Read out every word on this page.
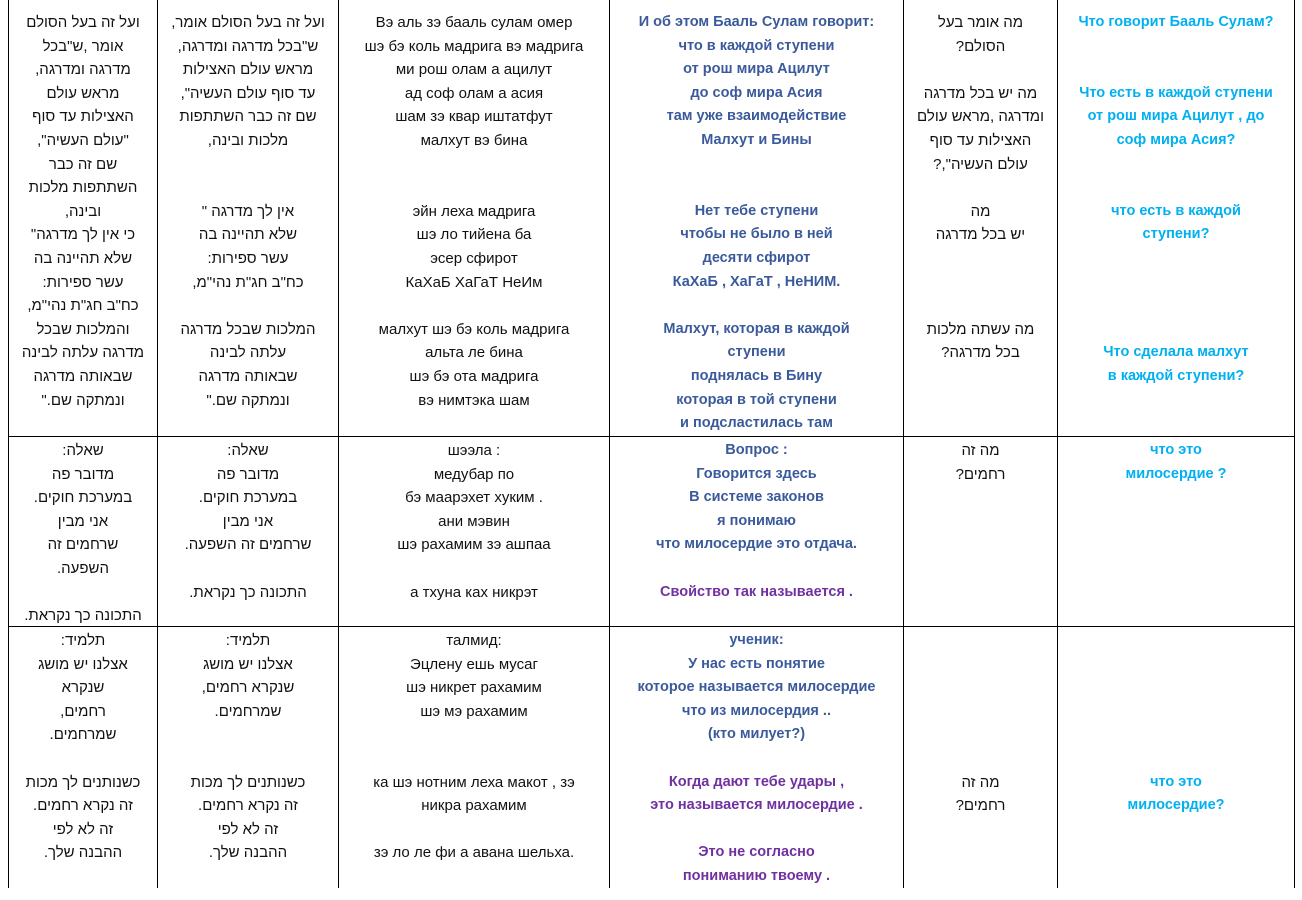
ועל זה בעל הסולם
אומר ,ש"בכל
מדרגה ומדרגה,
מראש עולם
האצילות עד סוף
"עולם העשיה",
שם זה כבר
השתתפות מלכות
ובינה,
כי אין לך מדרגה"
שלא תהיינה בה
עשר ספירות:
כח"ב חג"ת נהי"מ,
והמלכות שבכל
מדרגה עלתה לבינה
שבאותה מדרגה
ונמתקה שם."
ועל זה בעל הסולם אומר,
ש"בכל מדרגה ומדרגה,
מראש עולם האצילות
עד סוף עולם העשיה",
שם זה כבר השתתפות
מלכות ובינה,
אין לך מדרגה "
שלא תהיינה בה
עשר ספירות:
כח"ב חג"ת נהי"מ,
המלכות שבכל מדרגה
עלתה לבינה
שבאותה מדרגה
ונמתקה שם."
Вэ аль зэ бааль сулам омер
шэ бэ коль мадрига вэ мадрига
ми рош олам а ацилут
ад соф олам а асия
шам зэ квар иштатфут
малхут вэ бина
эйн леха мадрига
шэ ло тийена ба
эсер сфирот
КаХаБ ХаГаТ НеИм
малхут шэ бэ коль мадрига
альта ле бина
шэ бэ ота мадрига
вэ нимтэка шам
И об этом Бааль Сулам говорит:
что в каждой ступени
от рош мира Ацилут
до соф мира Асия
там уже взаимодействие
Малхут и Бины
Нет тебе ступени
чтобы не было в ней
десяти сфирот
КаХаБ , ХаГаТ , НеНИМ.
Малхут, которая в каждой
ступени
поднялась в Бину
которая в той ступени
и подсластилась там
מה אומר בעל
הסולם?
מה יש בכל מדרגה
ומדרגה ,מראש עולם
האצילות עד סוף
עולם העשיה",?
מה
יש בכל מדרגה
מה עשתה מלכות
בכל מדרגה?
Что говорит Бааль Сулам?
Что есть в каждой ступени
от рош мира Ацилут , до
соф мира Асия?
что есть в каждой
ступени?
Что сделала малхут
в каждой ступени?
שאלה:
מדובר פה
במערכת חוקים.
אני מבין
שרחמים זה
השפעה.
התכונה כך נקראת.
שאלה:
מדובר פה
במערכת חוקים.
אני מבין
שרחמים זה השפעה.
התכונה כך נקראת.
шээла :
медубар по
бэ маарэхет хуким .
ани мэвин
шэ рахамим зэ ашпаа
а тхуна ках никрэт
Вопрос :
Говорится здесь
В системе законов
я понимаю
что милосердие это отдача.
Свойство так называется .
מה זה
רחמים?
что это
милосердие ?
תלמיד:
אצלנו יש מושג
שנקרא
רחמים,
שמרחמים.
כשנותנים לך מכות
זה נקרא רחמים.
זה לא לפי
ההבנה שלך.
תלמיד:
אצלנו יש מושג
שנקרא רחמים,
שמרחמים.
כשנותנים לך מכות
זה נקרא רחמים.
זה לא לפי
ההבנה שלך.
талмид:
Эцлену ешь мусаг
шэ никрет рахамим
шэ мэ рахамим
ка шэ нотним леха макот , зэ
никра рахамим
зэ ло ле фи а авана шельха.
ученик:
У нас есть понятие
которое называется милосердие
что из милосердия ..
(кто милует?)
Когда дают тебе удары ,
это называется милосердие .
Это не согласно
пониманию твоему .
מה זה
רחמים?
что это
милосердие?
